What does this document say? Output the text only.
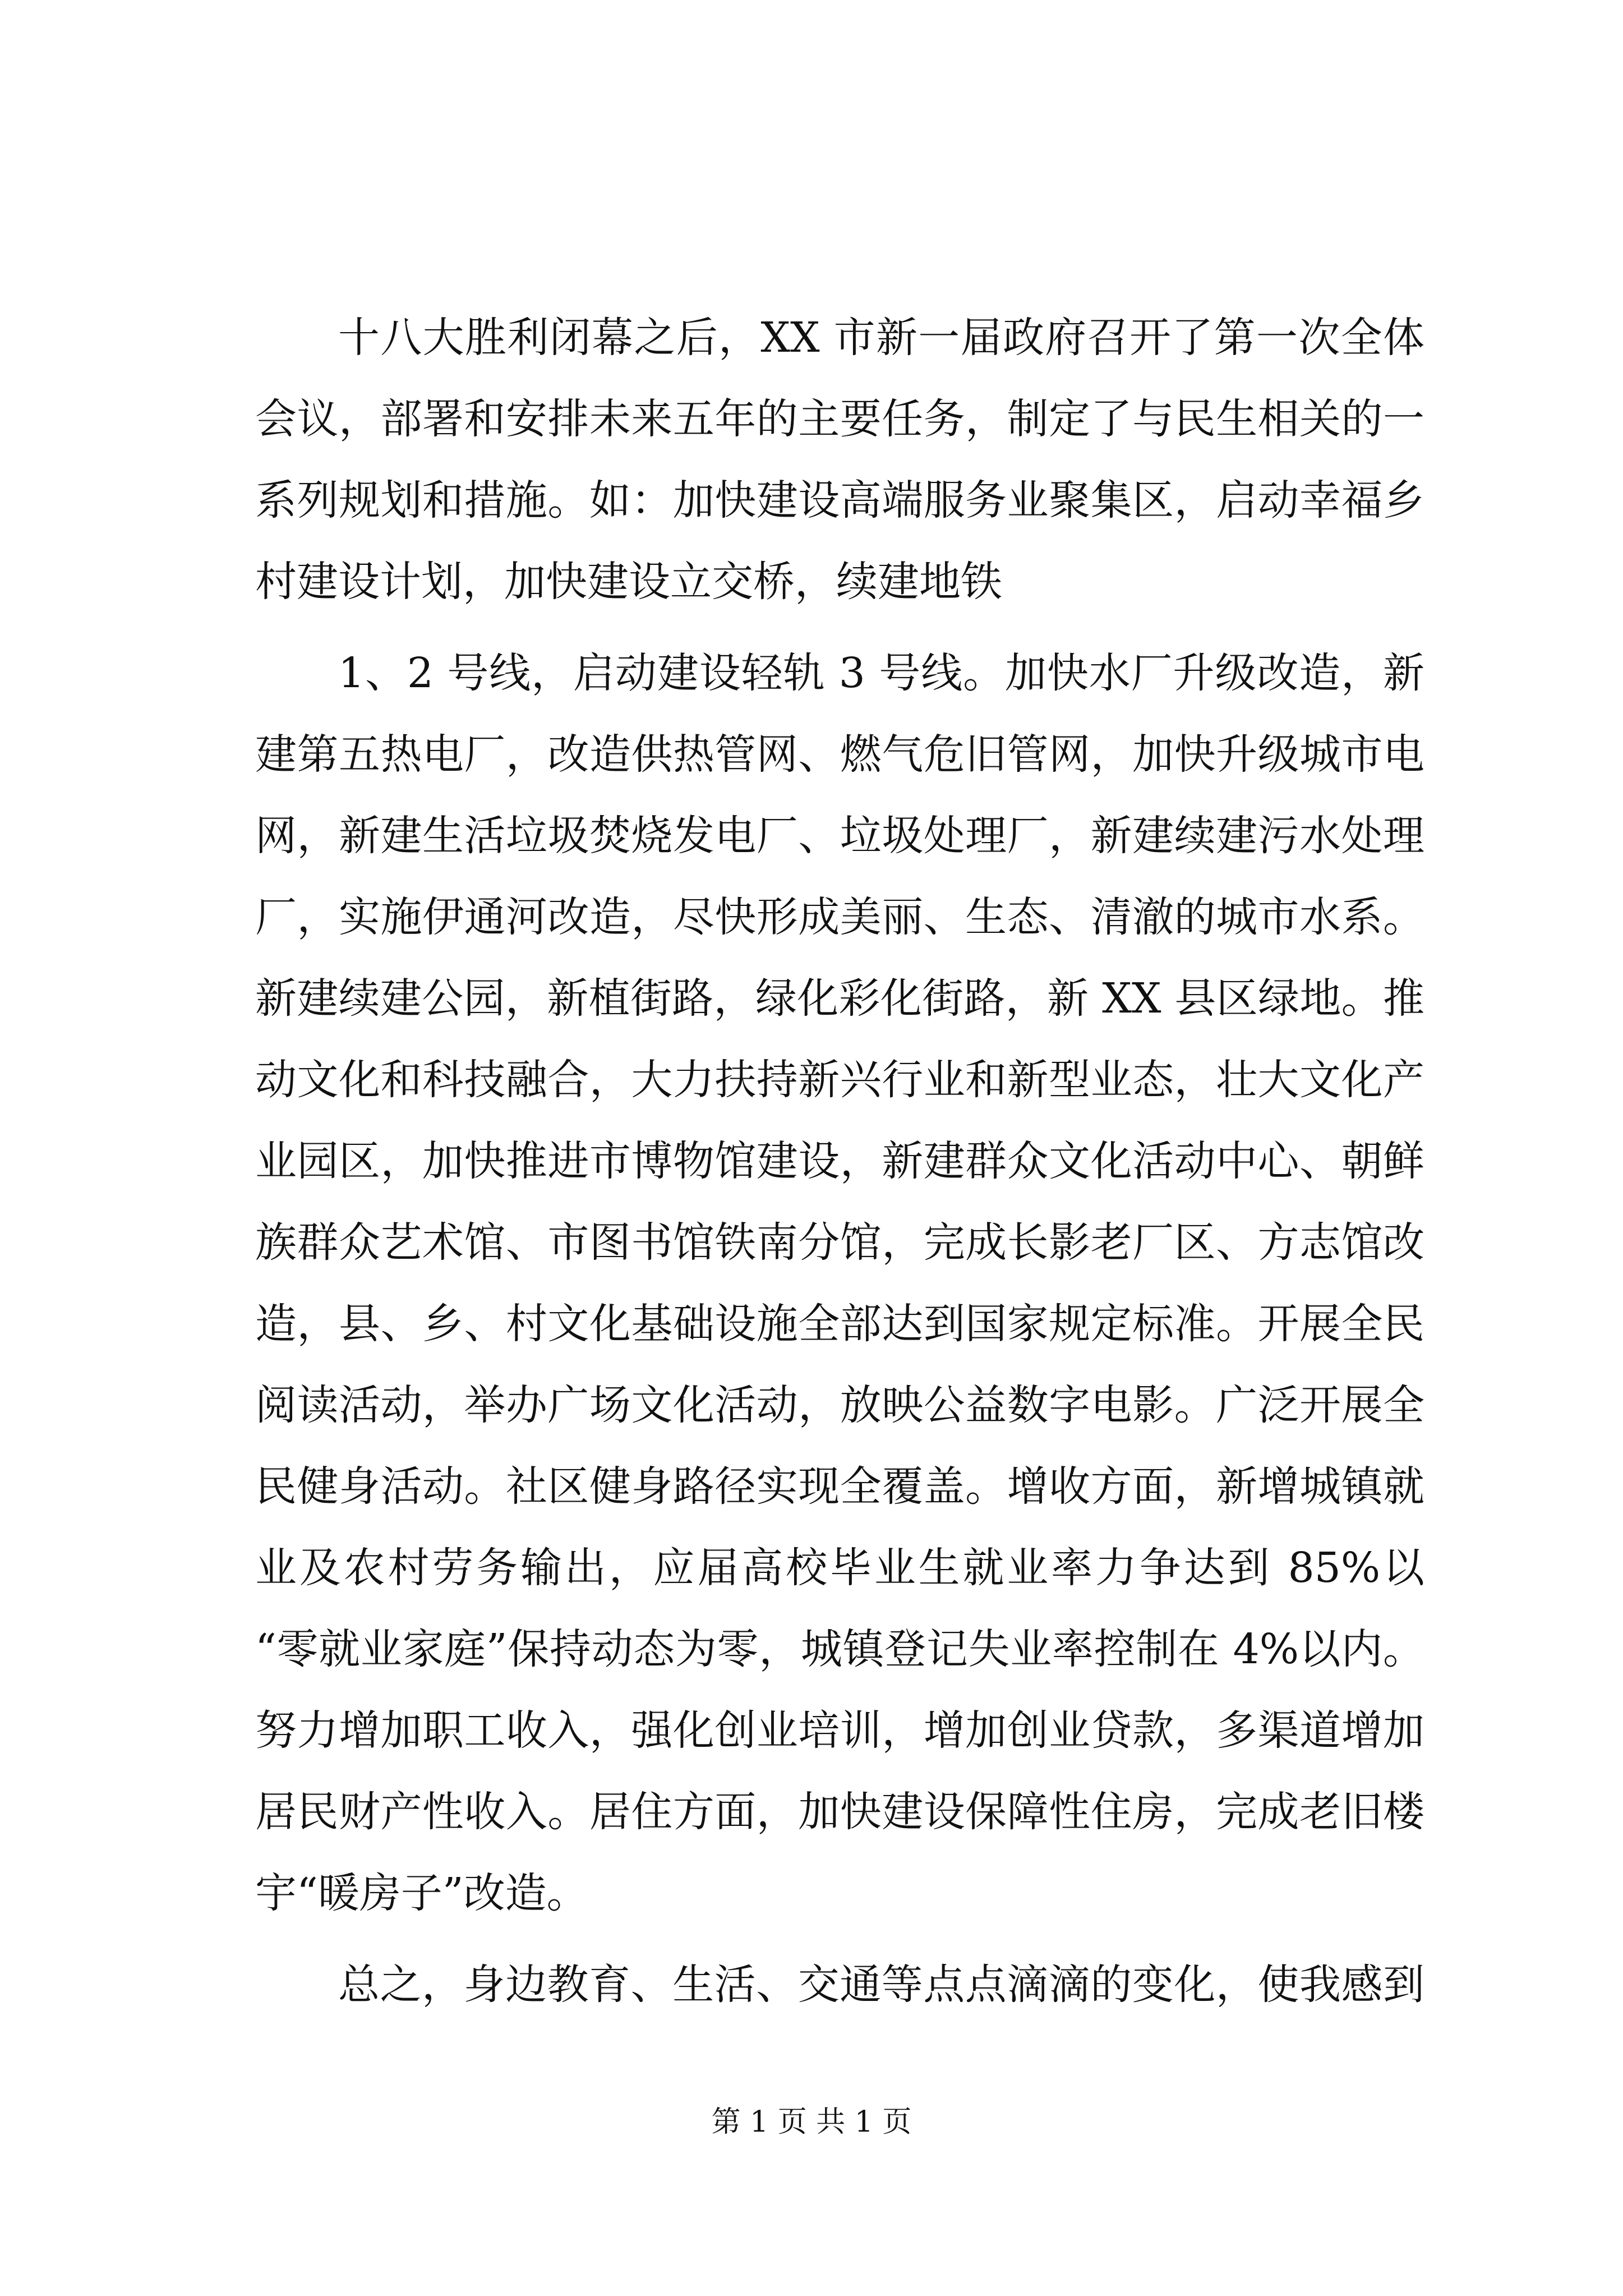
十八大胜利闭幕之后，XX 市新一届政府召开了第一次全体
会议，部署和安排未来五年的主要任务，制定了与民生相关的一
系列规划和措施。如：加快建设高端服务业聚集区，启动幸福乡
村建设计划，加快建设立交桥，续建地铁
1、2 号线，启动建设轻轨 3 号线。加快水厂升级改造，新
建第五热电厂，改造供热管网、燃气危旧管网，加快升级城市电
网，新建生活垃圾焚烧发电厂、垃圾处理厂，新建续建污水处理
厂，实施伊通河改造，尽快形成美丽、生态、清澈的城市水系。
新建续建公园，新植街路，绿化彩化街路，新 XX 县区绿地。推
动文化和科技融合，大力扶持新兴行业和新型业态，壮大文化产
业园区，加快推进市博物馆建设，新建群众文化活动中心、朝鲜
族群众艺术馆、市图书馆铁南分馆，完成长影老厂区、方志馆改
造，县、乡、村文化基础设施全部达到国家规定标准。开展全民
阅读活动，举办广场文化活动，放映公益数字电影。广泛开展全
民健身活动。社区健身路径实现全覆盖。增收方面，新增城镇就
业及农村劳务输出，应届高校毕业生就业率力争达到 85%以
“零就业家庭”保持动态为零，城镇登记失业率控制在 4%以内。
努力增加职工收入，强化创业培训，增加创业贷款，多渠道增加
居民财产性收入。居住方面，加快建设保障性住房，完成老旧楼
宇“暖房子”改造。
总之，身边教育、生活、交通等点点滴滴的变化，使我感到
第 1 页 共 1 页
